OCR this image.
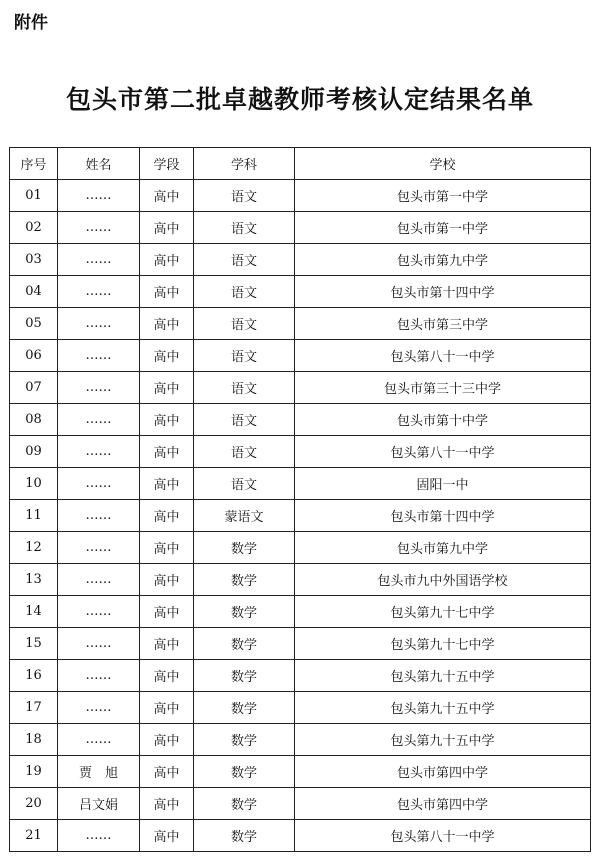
附件
包头市第二批卓越教师考核认定结果名单
序号	姓名	学段	学科	学校
01	……	高中	语文	包头市第一中学
02	……	高中	语文	包头市第一中学
03	……	高中	语文	包头市第九中学
04	……	高中	语文	包头市第十四中学
05	……	高中	语文	包头市第三中学
06	……	高中	语文	包头第八十一中学
07	……	高中	语文	包头市第三十三中学
08	……	高中	语文	包头市第十中学
09	……	高中	语文	包头第八十一中学
10	……	高中	语文	固阳一中
11	……	高中	蒙语文	包头市第十四中学
12	……	高中	数学	包头市第九中学
13	……	高中	数学	包头市九中外国语学校
14	……	高中	数学	包头第九十七中学
15	……	高中	数学	包头第九十七中学
16	……	高中	数学	包头第九十五中学
17	……	高中	数学	包头第九十五中学
18	……	高中	数学	包头第九十五中学
19	贾　旭	高中	数学	包头市第四中学
20	吕文娟	高中	数学	包头市第四中学
21	……	高中	数学	包头第八十一中学
